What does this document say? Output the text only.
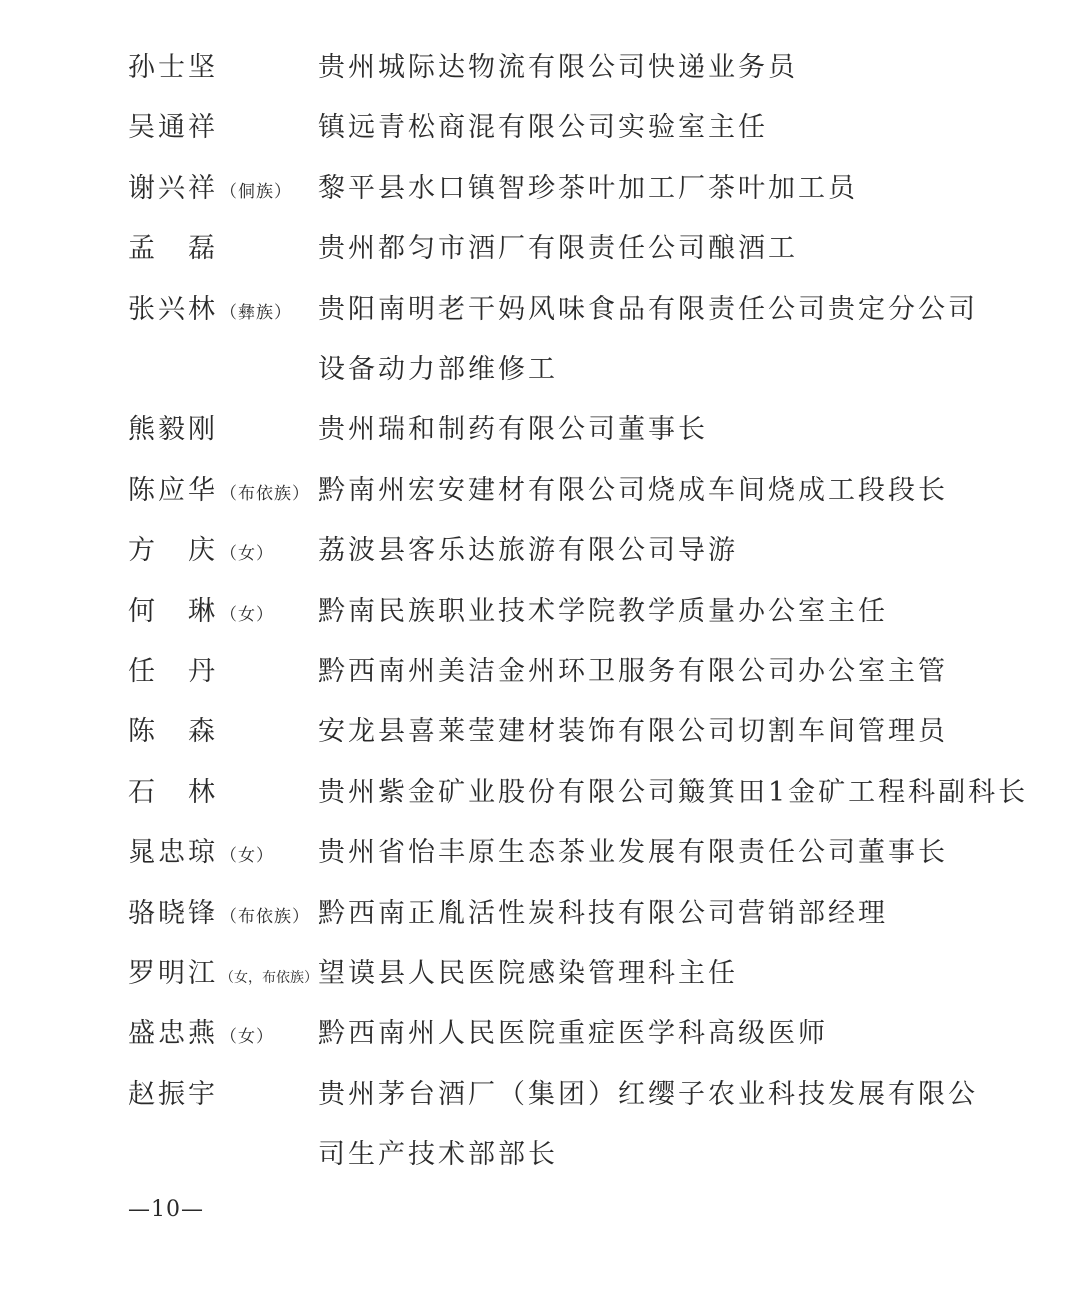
孙士坚	贵州城际达物流有限公司快递业务员
吴通祥	镇远青松商混有限公司实验室主任
谢兴祥 （侗族） 黎平县水口镇智珍茶叶加工厂茶叶加工员
孟　磊	贵州都匀市酒厂有限责任公司酿酒工
张兴林 （彝族） 贵阳南明老干妈风味食品有限责任公司贵定分公司
设备动力部维修工
熊毅刚	贵州瑞和制药有限公司董事长
陈应华 （布依族） 黔南州宏安建材有限公司烧成车间烧成工段段长
方　庆 （女） 荔波县客乐达旅游有限公司导游
何　琳 （女） 黔南民族职业技术学院教学质量办公室主任
任　丹	黔西南州美洁金州环卫服务有限公司办公室主管
陈　森	安龙县喜莱莹建材装饰有限公司切割车间管理员
石　林	贵州紫金矿业股份有限公司簸箕田1金矿工程科副科长
晁忠琼 （女） 贵州省怡丰原生态茶业发展有限责任公司董事长
骆晓锋 （布依族） 黔西南正胤活性炭科技有限公司营销部经理
罗明江 （女，布依族） 望谟县人民医院感染管理科主任
盛忠燕 （女） 黔西南州人民医院重症医学科高级医师
赵振宇	贵州茅台酒厂（集团）红缨子农业科技发展有限公
司生产技术部部长
—10—
